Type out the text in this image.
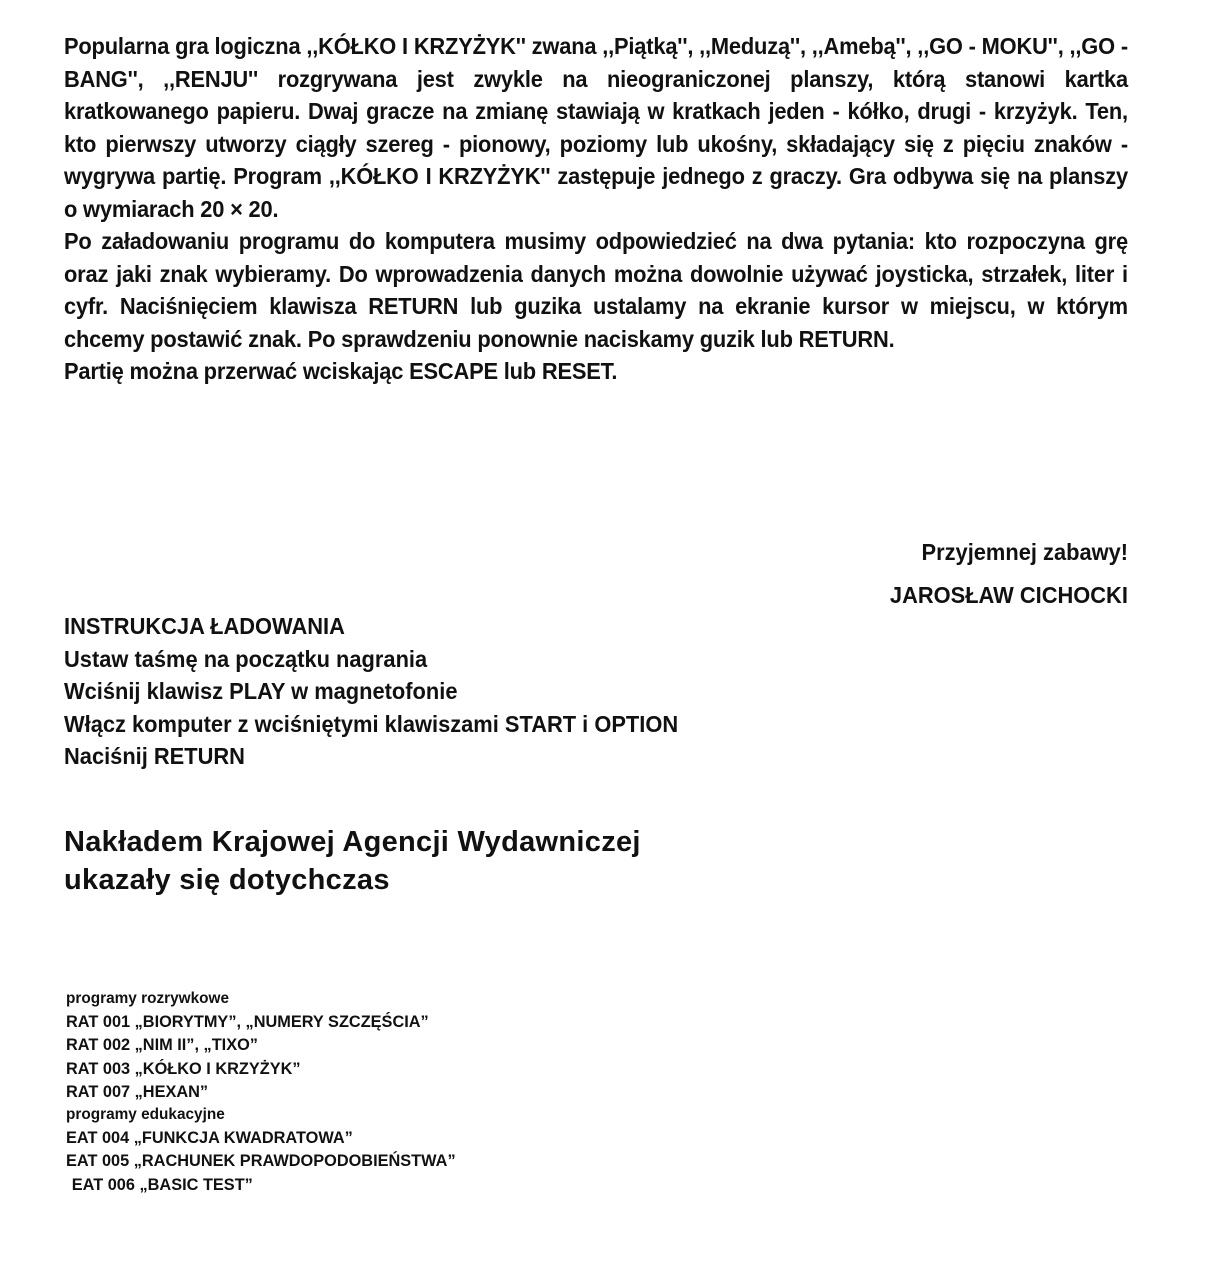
Popularna gra logiczna ,,KÓŁKO I KRZYŻYK'' zwana ,,Piątką'', ,,Meduzą'', ,,Amebą'', ,,GO - MOKU'', ,,GO - BANG'', ,,RENJU'' rozgrywana jest zwykle na nieograniczonej planszy, którą stanowi kartka kratkowanego papieru. Dwaj gracze na zmianę stawiają w kratkach jeden - kółko, drugi - krzyżyk. Ten, kto pierwszy utworzy ciągły szereg - pionowy, poziomy lub ukośny, składający się z pięciu znaków - wygrywa partię. Program ,,KÓŁKO I KRZYŻYK'' zastępuje jednego z graczy. Gra odbywa się na planszy o wymiarach 20 × 20.

Po załadowaniu programu do komputera musimy odpowiedzieć na dwa pytania: kto rozpoczyna grę oraz jaki znak wybieramy. Do wprowadzenia danych można dowolnie używać joysticka, strzałek, liter i cyfr. Naciśnięciem klawisza RETURN lub guzika ustalamy na ekranie kursor w miejscu, w którym chcemy postawić znak. Po sprawdzeniu ponownie naciskamy guzik lub RETURN.

Partię można przerwać wciskając ESCAPE lub RESET.

Przyjemnej zabawy!
JAROSŁAW CICHOCKI
INSTRUKCJA ŁADOWANIA
Ustaw taśmę na początku nagrania
Wciśnij klawisz PLAY w magnetofonie
Włącz komputer z wciśniętymi klawiszami START i OPTION
Naciśnij RETURN
Nakładem Krajowej Agencji Wydawniczej
ukazały się dotychczas
programy rozrywkowe
RAT 001 „BIORYTMY”, „NUMERY SZCZĘŚCIA”
RAT 002 „NIM II”, „TIXO”
RAT 003 „KÓŁKO I KRZYŻYK”
RAT 007 „HEXAN”
programy edukacyjne
EAT 004 „FUNKCJA KWADRATOWA”
EAT 005 „RACHUNEK PRAWDOPODOBIEŃSTWA”
EAT 006 „BASIC TEST”
